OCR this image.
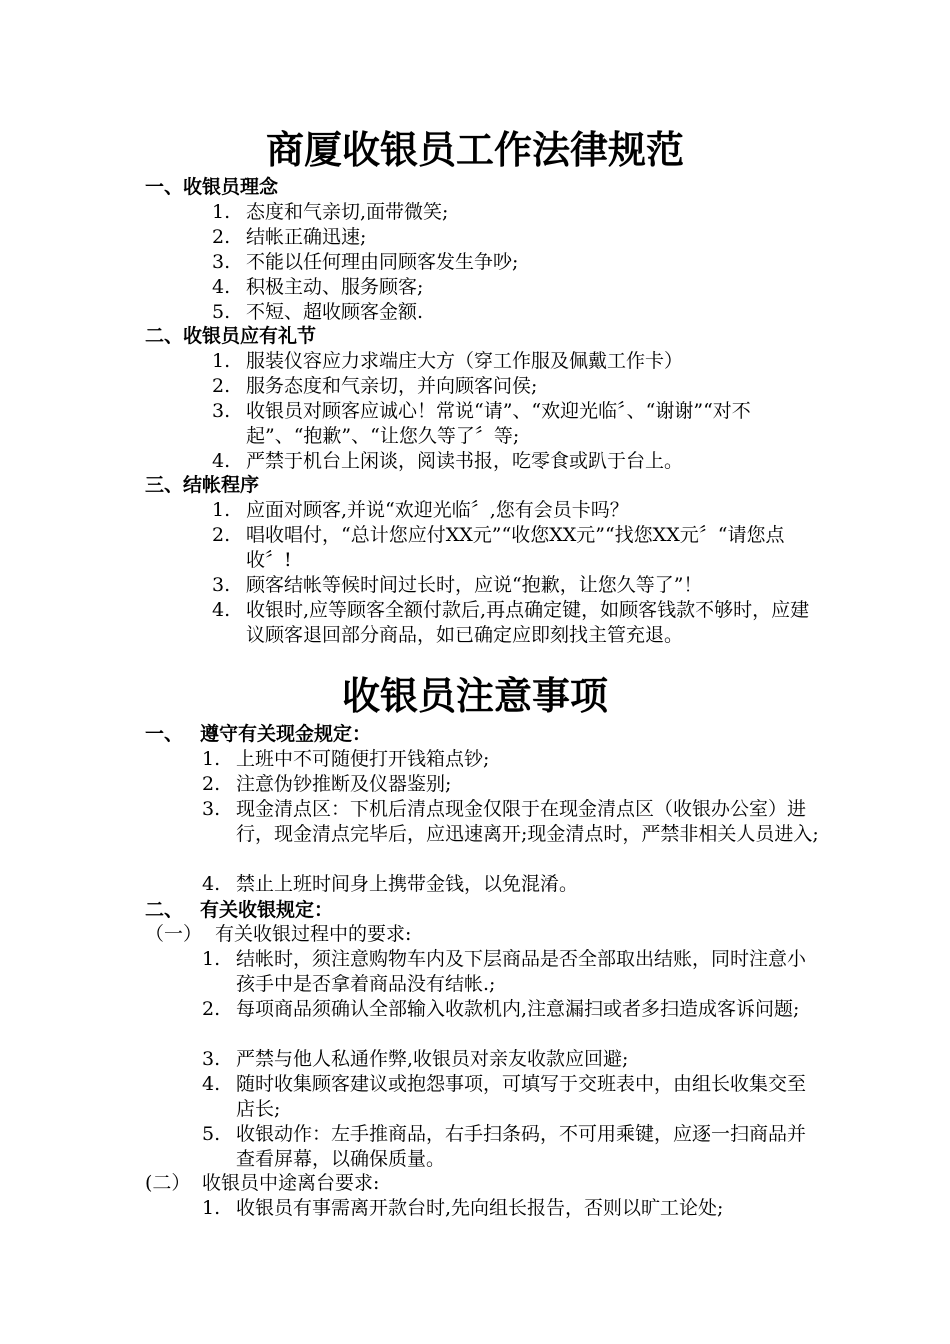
商厦收银员工作法律规范
一、收银员理念
1. 态度和气亲切,面带微笑;
2. 结帐正确迅速;
3. 不能以任何理由同顾客发生争吵;
4. 积极主动、服务顾客;
5. 不短、超收顾客金额.
二、收银员应有礼节
1. 服装仪容应力求端庄大方（穿工作服及佩戴工作卡）
2. 服务态度和气亲切，并向顾客问侯;
3. 收银员对顾客应诚心！常说“请”、“欢迎光临〞、“谢谢”“对不起”、“抱歉”、“让您久等了〞等;
4. 严禁于机台上闲谈，阅读书报，吃零食或趴于台上。
三、结帐程序
1. 应面对顾客,并说“欢迎光临〞,您有会员卡吗？
2. 唱收唱付，“总计您应付XX元”“收您XX元”“找您XX元〞“请您点收〞!
3. 顾客结帐等候时间过长时，应说“抱歉，让您久等了”！
4. 收银时,应等顾客全额付款后,再点确定键，如顾客钱款不够时，应建议顾客退回部分商品，如已确定应即刻找主管充退。
收银员注意事项
一、 遵守有关现金规定：
1. 上班中不可随便打开钱箱点钞;
2. 注意伪钞推断及仪器鉴别;
3. 现金清点区：下机后清点现金仅限于在现金清点区（收银办公室）进行，现金清点完毕后，应迅速离开;现金清点时，严禁非相关人员进入;
4. 禁止上班时间身上携带金钱，以免混淆。
二、 有关收银规定：
（一） 有关收银过程中的要求:
1. 结帐时，须注意购物车内及下层商品是否全部取出结账，同时注意小孩手中是否拿着商品没有结帐.;
2. 每项商品须确认全部输入收款机内,注意漏扫或者多扫造成客诉问题;
3. 严禁与他人私通作弊,收银员对亲友收款应回避;
4. 随时收集顾客建议或抱怨事项，可填写于交班表中，由组长收集交至店长;
5. 收银动作：左手推商品，右手扫条码，不可用乘键，应逐一扫商品并查看屏幕，以确保质量。
(二） 收银员中途离台要求:
1. 收银员有事需离开款台时,先向组长报告，否则以旷工论处;
